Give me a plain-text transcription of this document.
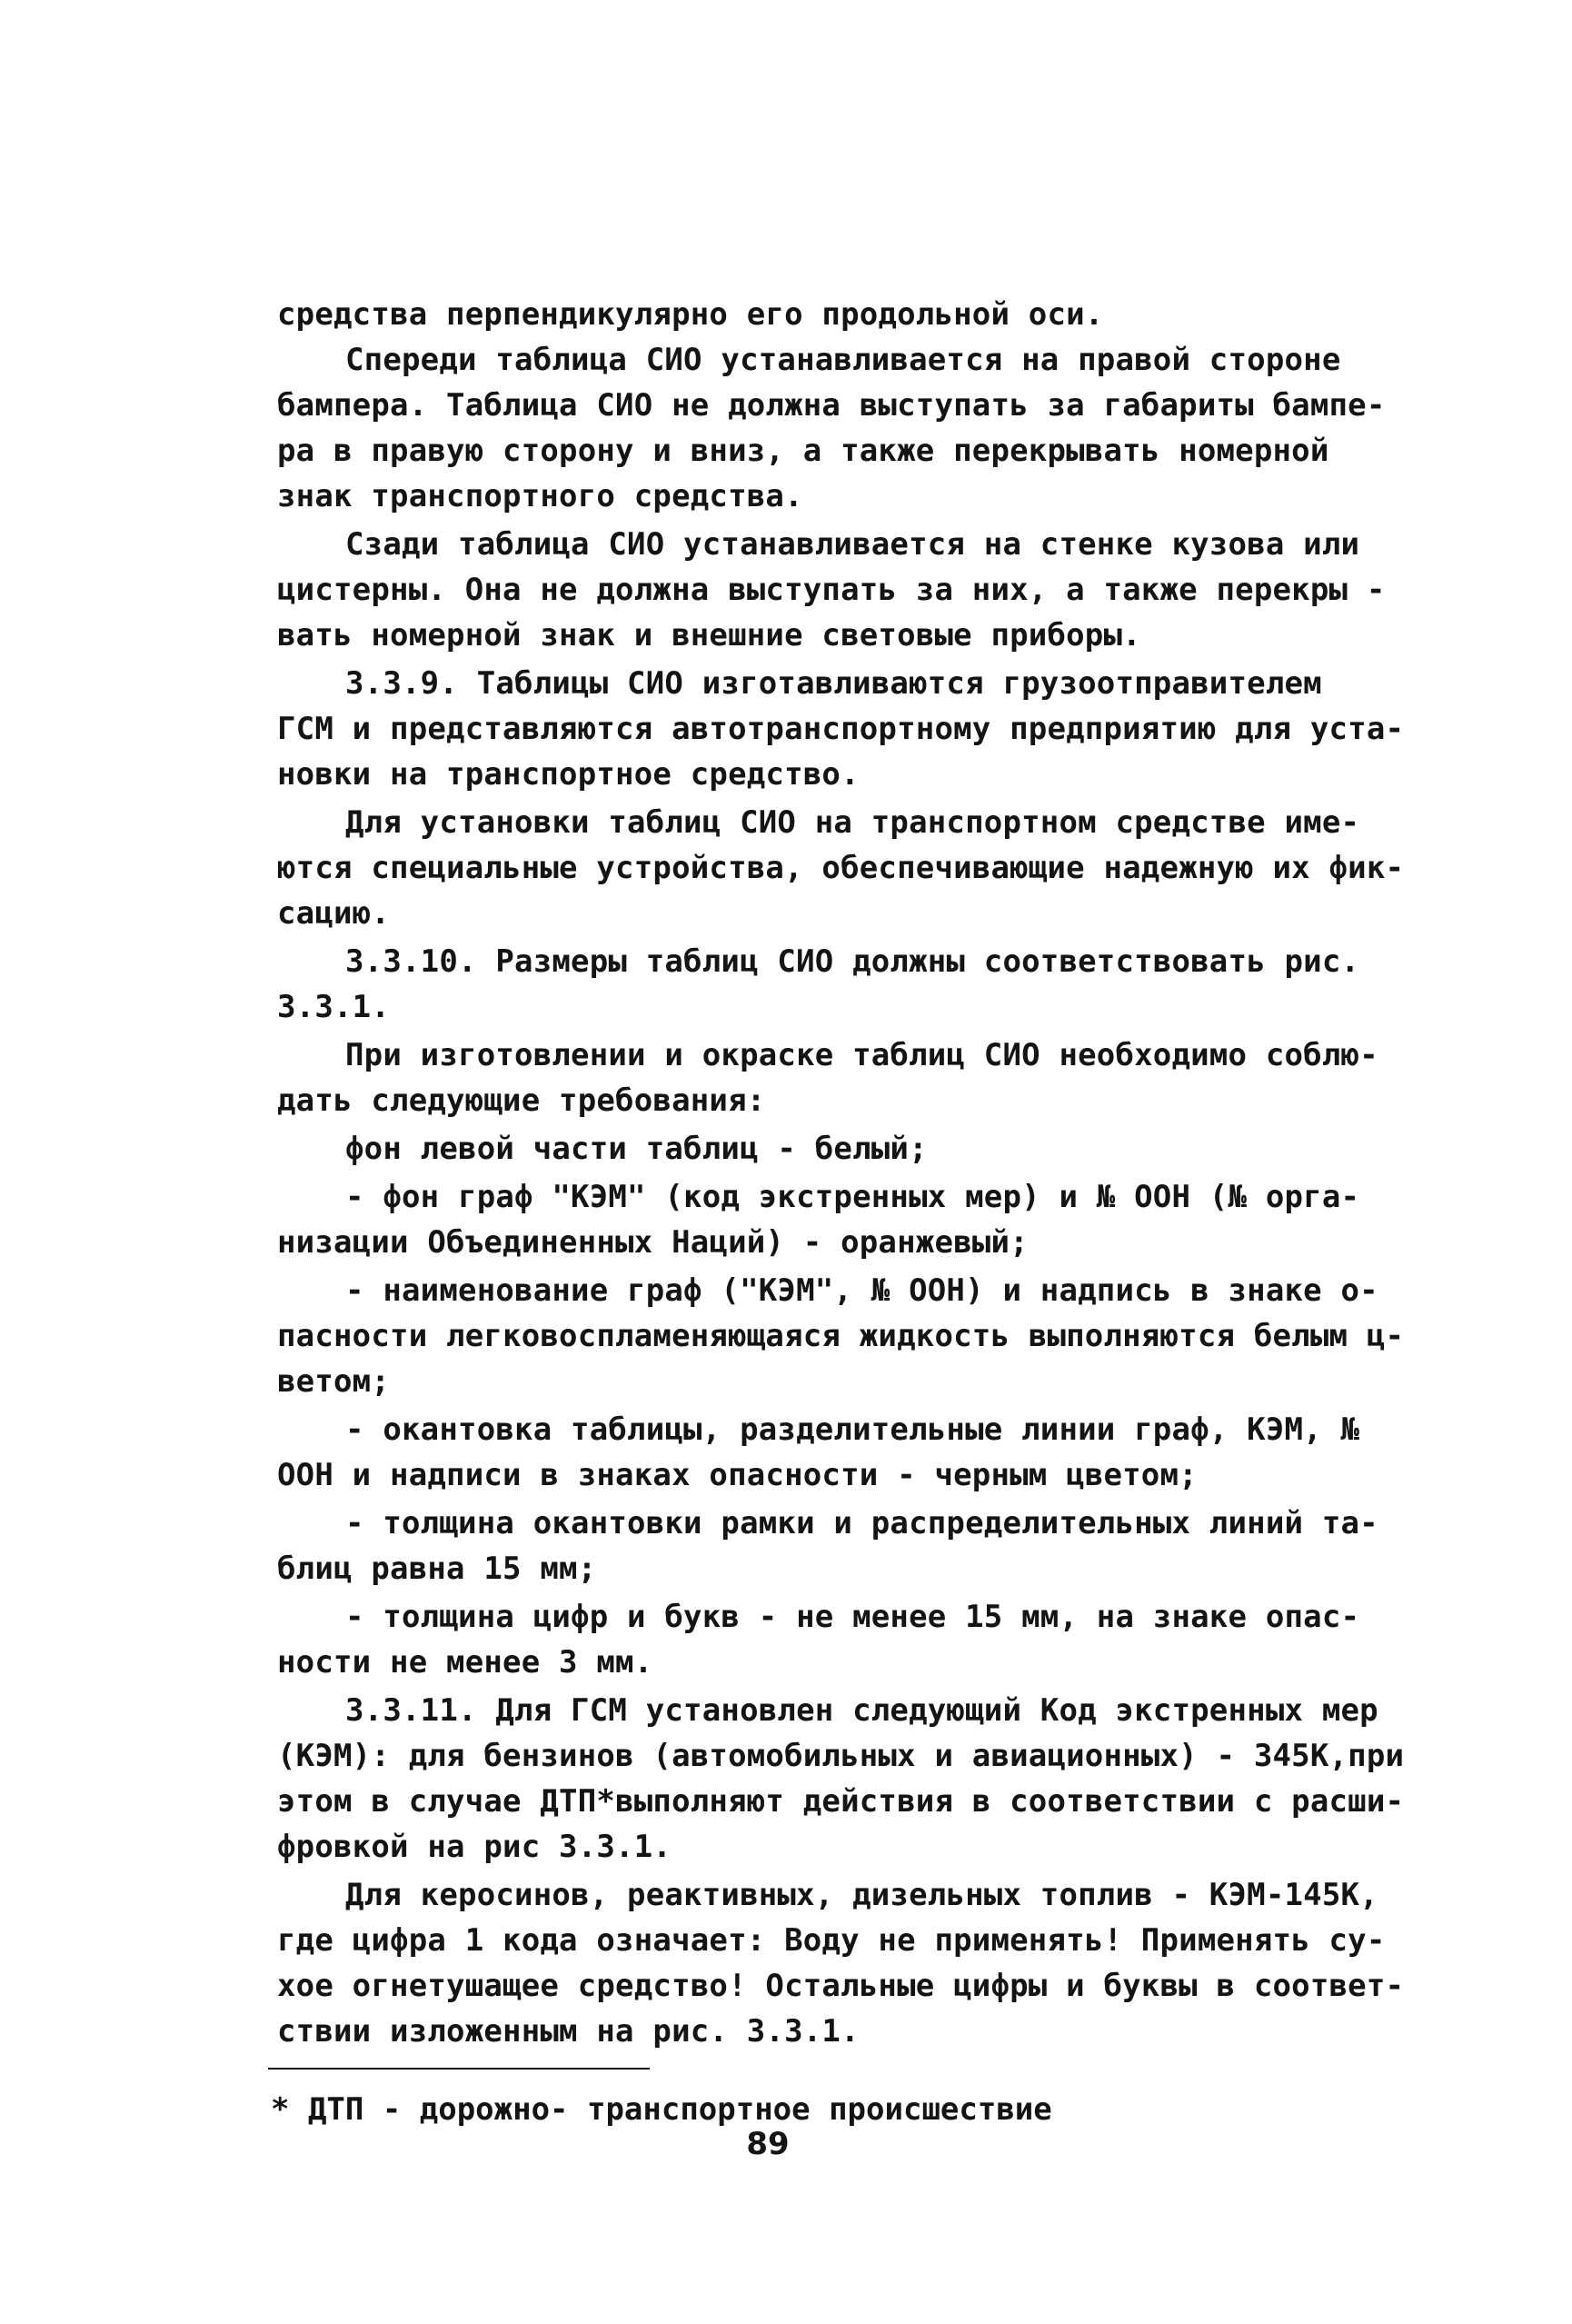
средства перпендикулярно его продольной оси.
Спереди таблица СИО устанавливается на правой стороне
бампера. Таблица СИО не должна выступать за габариты бампе-
ра в правую сторону и вниз, а также перекрывать номерной
знак транспортного средства.
Сзади таблица СИО устанавливается на стенке кузова или
цистерны. Она не должна выступать за них, а также перекры -
вать номерной знак и внешние световые приборы.
3.3.9. Таблицы СИО изготавливаются грузоотправителем
ГСМ и представляются автотранспортному предприятию для уста-
новки на транспортное средство.
Для установки таблиц СИО на транспортном средстве име-
ются специальные устройства, обеспечивающие надежную их фик-
сацию.
3.3.10. Размеры таблиц СИО должны соответствовать рис.
3.3.1.
При изготовлении и окраске таблиц СИО необходимо соблю-
дать следующие требования:
фон левой части таблиц - белый;
- фон граф "КЭМ" (код экстренных мер) и № ООН (№ орга-
низации Объединенных Наций) - оранжевый;
- наименование граф ("КЭМ", № ООН) и надпись в знаке о-
пасности легковоспламеняющаяся жидкость выполняются белым ц-
ветом;
- окантовка таблицы, разделительные линии граф, КЭМ, №
ООН и надписи в знаках опасности - черным цветом;
- толщина окантовки рамки и распределительных линий та-
блиц равна 15 мм;
- толщина цифр и букв - не менее 15 мм, на знаке опас-
ности не менее 3 мм.
3.3.11. Для ГСМ установлен следующий Код экстренных мер
(КЭМ): для бензинов (автомобильных и авиационных) - 345К,при
этом в случае ДТП*выполняют действия в соответствии с расши-
фровкой на рис 3.3.1.
Для керосинов, реактивных, дизельных топлив - КЭМ-145К,
где цифра 1 кода означает: Воду не применять! Применять су-
хое огнетушащее средство! Остальные цифры и буквы в соответ-
ствии изложенным на рис. 3.3.1.
* ДТП - дорожно- транспортное происшествие
89
